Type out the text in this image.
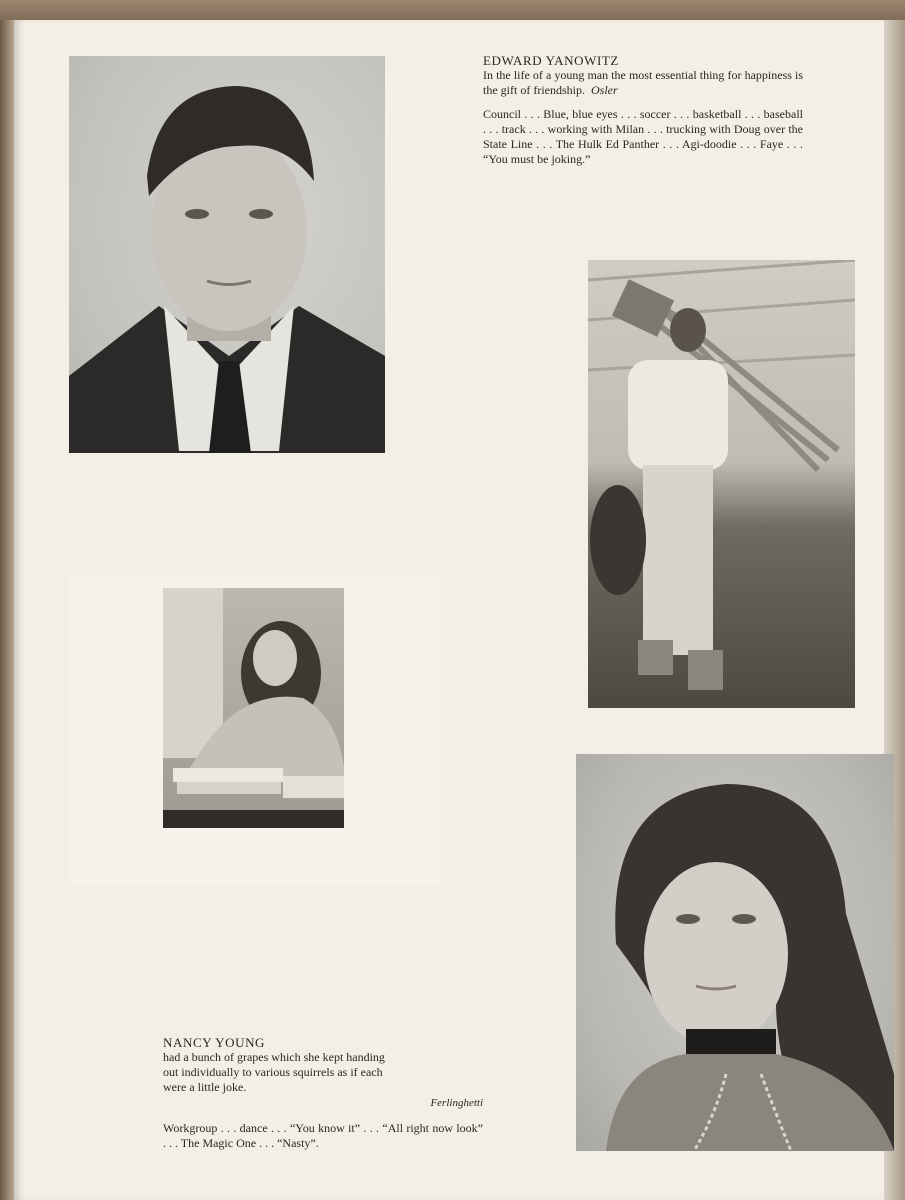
EDWARD YANOWITZ

In the life of a young man the most essential thing for happiness is the gift of friendship. Osler

Council . . . Blue, blue eyes . . . soccer . . . basketball . . . baseball . . . track . . . working with Milan . . . trucking with Doug over the State Line . . . The Hulk Ed Panther . . . Agi-doodie . . . Faye . . . “You must be joking.”

NANCY YOUNG

had a bunch of grapes which she kept handing out individually to various squirrels as if each were a little joke.

Ferlinghetti

Workgroup . . . dance . . . “You know it” . . . “All right now look” . . . The Magic One . . . “Nasty”.
